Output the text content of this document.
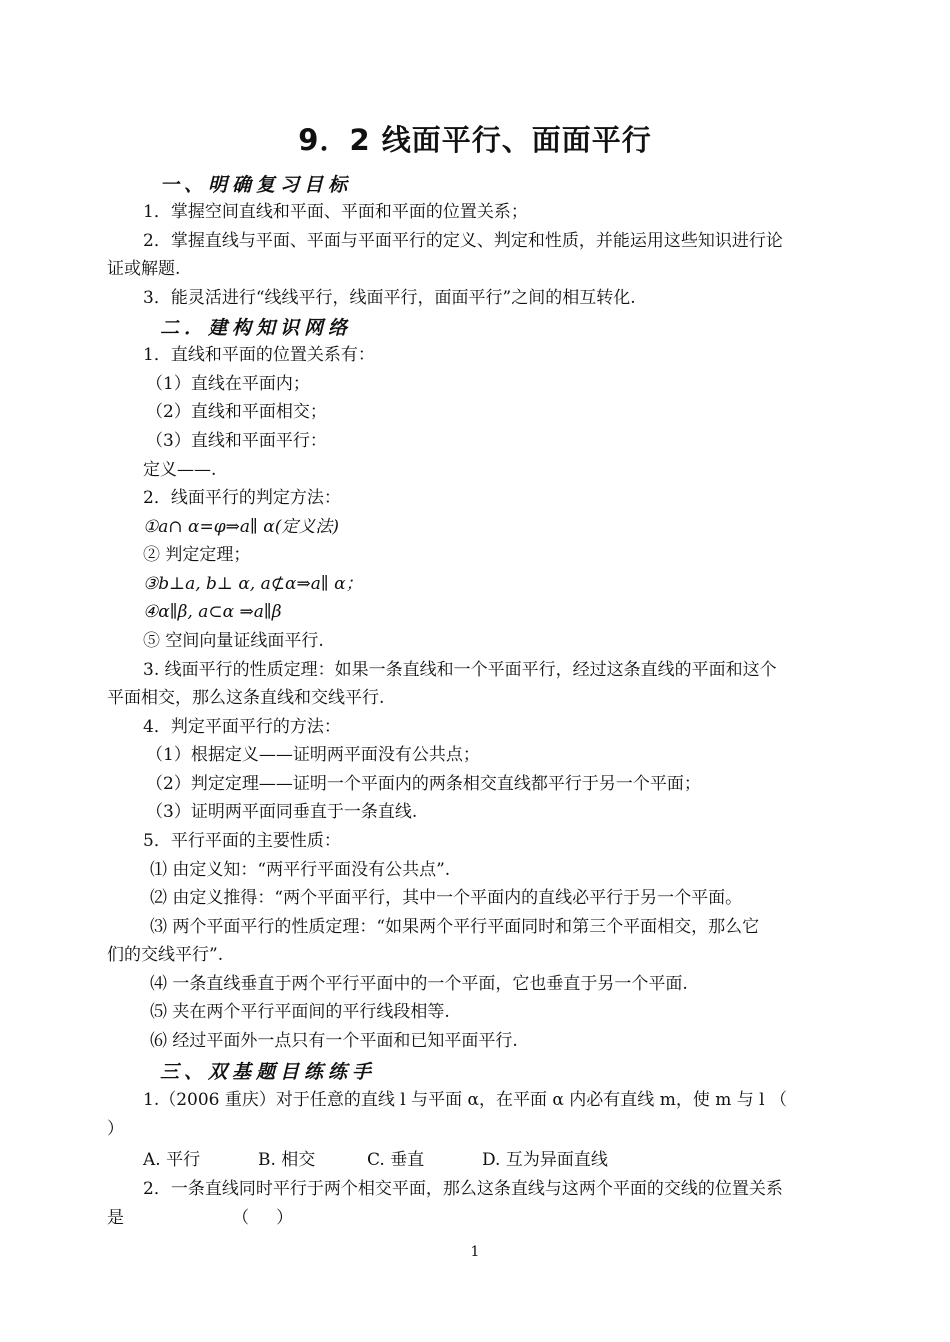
9．2 线面平行、面面平行
一、明确复习目标
1．掌握空间直线和平面、平面和平面的位置关系；
2．掌握直线与平面、平面与平面平行的定义、判定和性质，并能运用这些知识进行论
证或解题.
3．能灵活进行“线线平行，线面平行，面面平行”之间的相互转化.
二．建构知识网络
1．直线和平面的位置关系有：
（1）直线在平面内；
（2）直线和平面相交；
（3）直线和平面平行：
定义——.
2．线面平行的判定方法：
①a∩ α=φ⇒a∥ α(定义法)
② 判定定理；
③b⊥a, b⊥ α, a⊄α⇒a∥ α；
④α∥β, a⊂α ⇒a∥β
⑤ 空间向量证线面平行.
3. 线面平行的性质定理：如果一条直线和一个平面平行，经过这条直线的平面和这个
平面相交，那么这条直线和交线平行.
4．判定平面平行的方法：
（1）根据定义——证明两平面没有公共点；
（2）判定定理——证明一个平面内的两条相交直线都平行于另一个平面；
（3）证明两平面同垂直于一条直线.
5．平行平面的主要性质：
⑴ 由定义知：“两平行平面没有公共点”.
⑵ 由定义推得：“两个平面平行，其中一个平面内的直线必平行于另一个平面。
⑶ 两个平面平行的性质定理：“如果两个平行平面同时和第三个平面相交，那么它
们的交线平行”.
⑷ 一条直线垂直于两个平行平面中的一个平面，它也垂直于另一个平面.
⑸ 夹在两个平行平面间的平行线段相等.
⑹ 经过平面外一点只有一个平面和已知平面平行.
三、双基题目练练手
1.（2006 重庆）对于任意的直线 l 与平面 α，在平面 α 内必有直线 m，使 m 与 l （
）
A. 平行	B. 相交	C. 垂直	D. 互为异面直线
2．一条直线同时平行于两个相交平面，那么这条直线与这两个平面的交线的位置关系
是                    （     ）
1
